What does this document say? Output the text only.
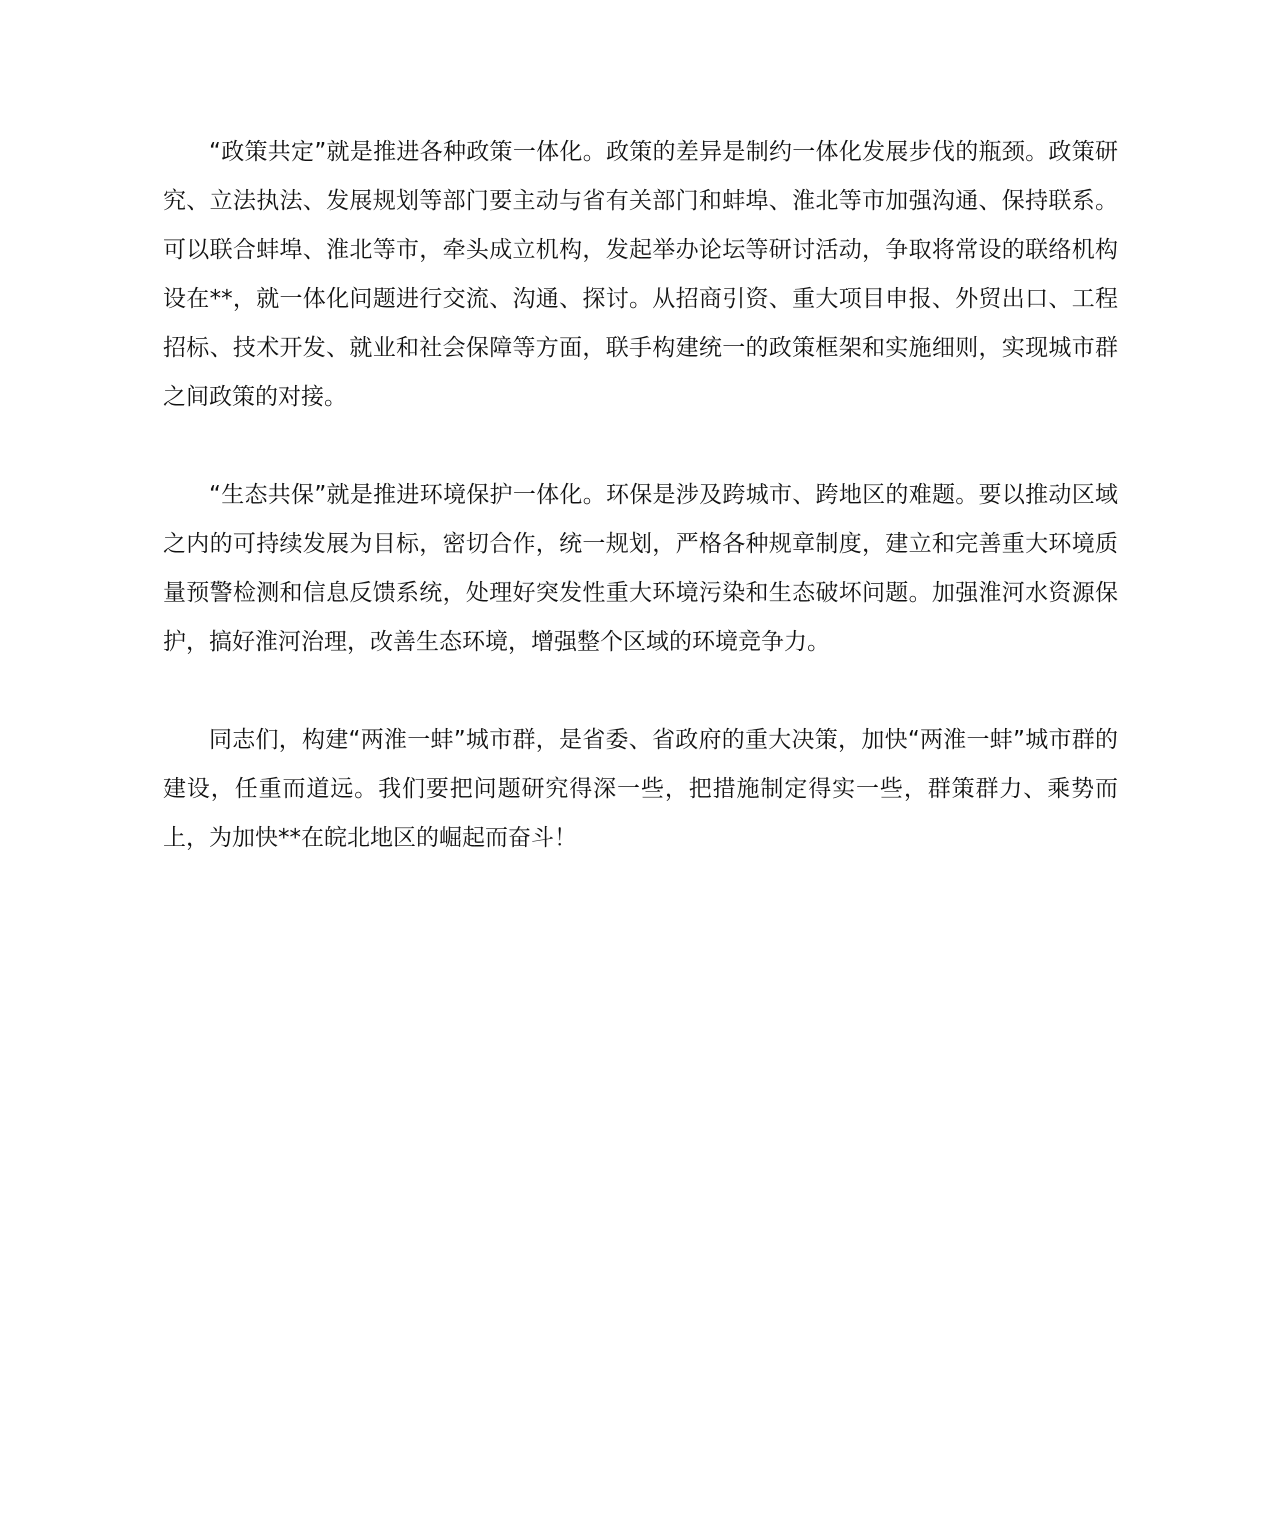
“政策共定”就是推进各种政策一体化。政策的差异是制约一体化发展步伐的瓶颈。政策研究、立法执法、发展规划等部门要主动与省有关部门和蚌埠、淮北等市加强沟通、保持联系。可以联合蚌埠、淮北等市，牵头成立机构，发起举办论坛等研讨活动，争取将常设的联络机构设在**，就一体化问题进行交流、沟通、探讨。从招商引资、重大项目申报、外贸出口、工程招标、技术开发、就业和社会保障等方面，联手构建统一的政策框架和实施细则，实现城市群之间政策的对接。

“生态共保”就是推进环境保护一体化。环保是涉及跨城市、跨地区的难题。要以推动区域之内的可持续发展为目标，密切合作，统一规划，严格各种规章制度，建立和完善重大环境质量预警检测和信息反馈系统，处理好突发性重大环境污染和生态破坏问题。加强淮河水资源保护，搞好淮河治理，改善生态环境，增强整个区域的环境竞争力。

同志们，构建“两淮一蚌”城市群，是省委、省政府的重大决策，加快“两淮一蚌”城市群的建设，任重而道远。我们要把问题研究得深一些，把措施制定得实一些，群策群力、乘势而上，为加快**在皖北地区的崛起而奋斗！
